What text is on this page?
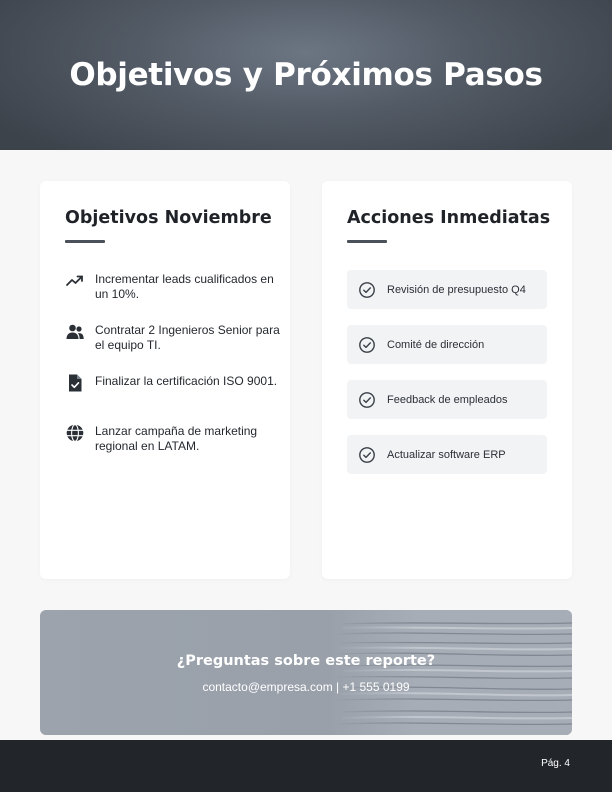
Objetivos y Próximos Pasos
Objetivos Noviembre
Incrementar leads cualificados en un 10%.
Contratar 2 Ingenieros Senior para el equipo TI.
Finalizar la certificación ISO 9001.
Lanzar campaña de marketing regional en LATAM.
Acciones Inmediatas
Revisión de presupuesto Q4
Comité de dirección
Feedback de empleados
Actualizar software ERP
¿Preguntas sobre este reporte?
contacto@empresa.com | +1 555 0199
Pág. 4
